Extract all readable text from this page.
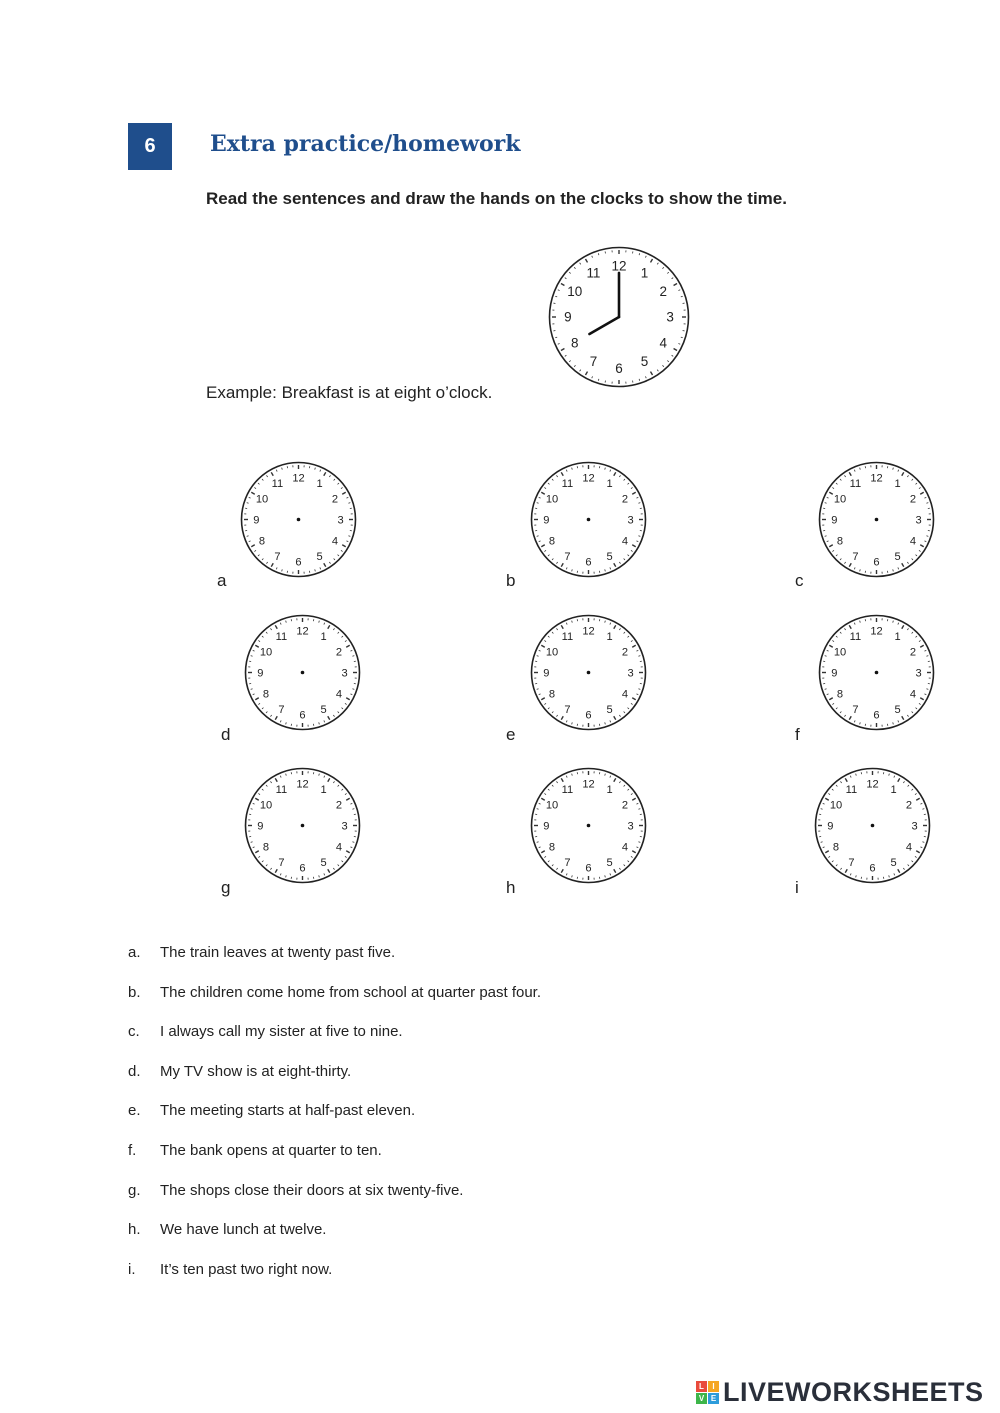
6	Extra practice/homework
Read the sentences and draw the hands on the clocks to show the time.
12 1
2
3
4
5
6
7
8
9
10
11
Example: Breakfast is at eight o’clock.
12 1
2
3
4
5
6
7
8
9
10
11
a
12 1
2
3
4
5
6
7
8
9
10
11
b
12 1
2
3
4
5
6
7
8
9
10
11
c
12 1
2
3
4
5
6
7
8
9
10
11
d
12 1
2
3
4
5
6
7
8
9
10
11
e
12 1
2
3
4
5
6
7
8
9
10
11
f
12 1
2
3
4
5
6
7
8
9
10
11
g
12 1
2
3
4
5
6
7
8
9
10
11
h
12 1
2
3
4
5
6
7
8
9
10
11
i
a.	The train leaves at twenty past five.
b.	The children come home from school at quarter past four.
c.	I always call my sister at five to nine.
d.	My TV show is at eight-thirty.
e.	The meeting starts at half-past eleven.
f.	The bank opens at quarter to ten.
g.	The shops close their doors at six twenty-five.
h.	We have lunch at twelve.
i.	It’s ten past two right now.
L	I
V E LIVEWORKSHEETS
